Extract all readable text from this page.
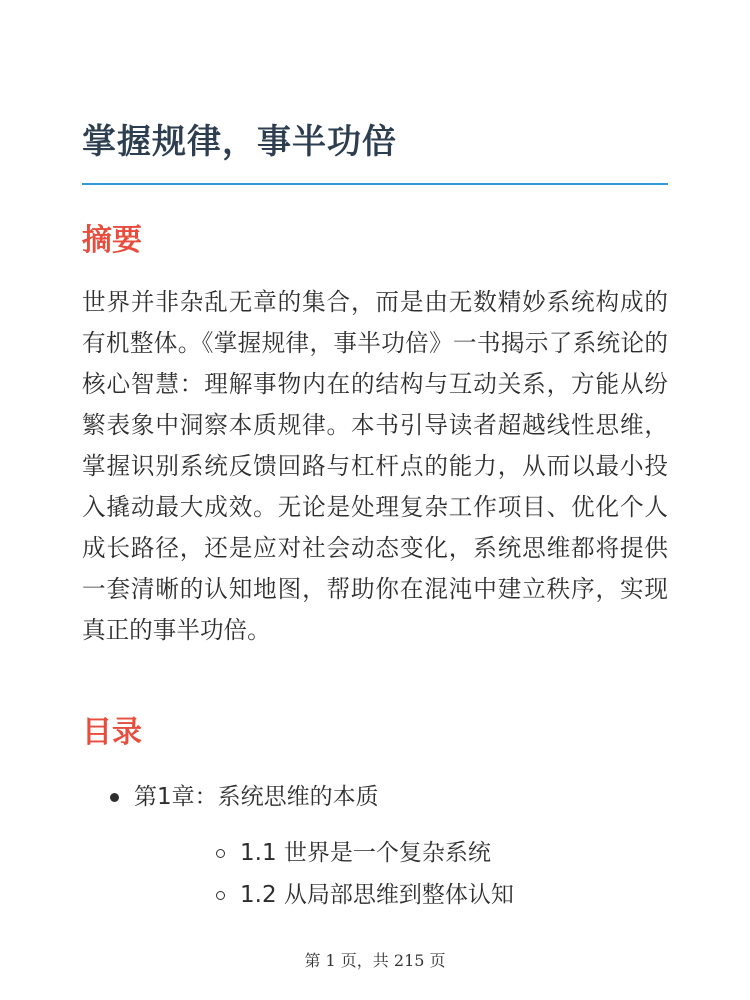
掌握规律，事半功倍
摘要

世界并非杂乱无章的集合，而是由无数精妙系统构成的有机整体。《掌握规律，事半功倍》一书揭示了系统论的核心智慧：理解事物内在的结构与互动关系，方能从纷繁表象中洞察本质规律。本书引导读者超越线性思维，掌握识别系统反馈回路与杠杆点的能力，从而以最小投入撬动最大成效。无论是处理复杂工作项目、优化个人成长路径，还是应对社会动态变化，系统思维都将提供一套清晰的认知地图，帮助你在混沌中建立秩序，实现真正的事半功倍。

目录
第1章：系统思维的本质
1.1 世界是一个复杂系统
1.2 从局部思维到整体认知
第 1 页，共 215 页
